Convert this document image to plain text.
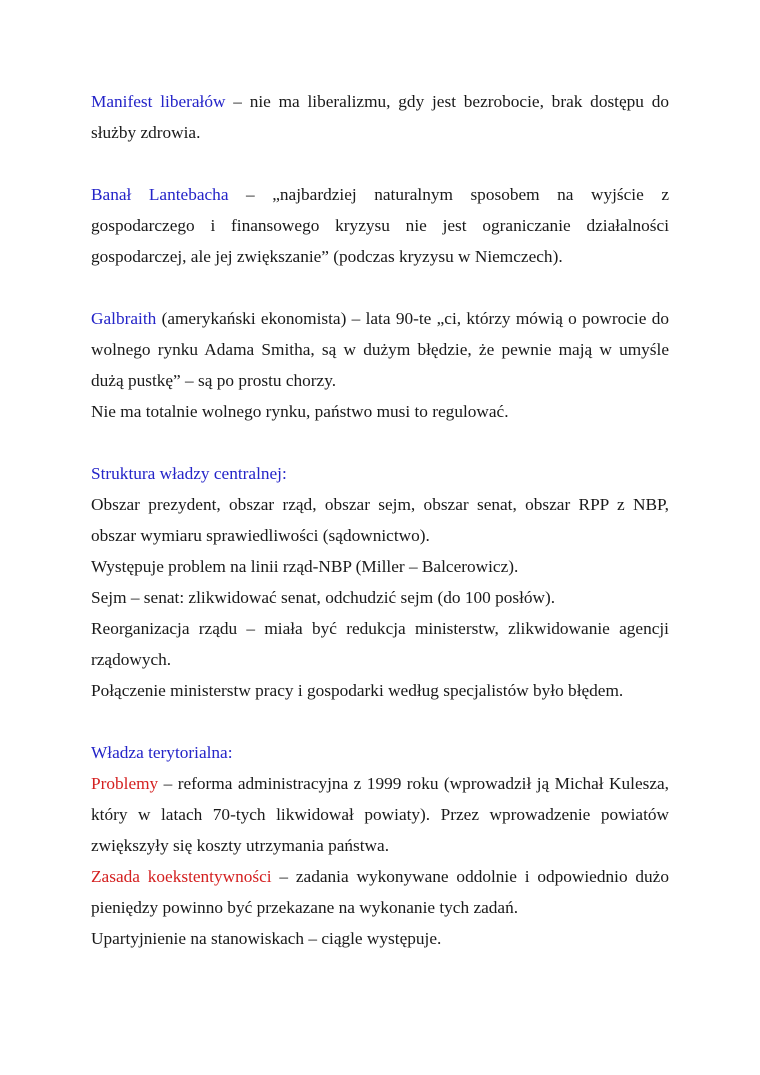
Manifest liberałów – nie ma liberalizmu, gdy jest bezrobocie, brak dostępu do służby zdrowia.

Banał Lantebacha – „najbardziej naturalnym sposobem na wyjście z gospodarczego i finansowego kryzysu nie jest ograniczanie działalności gospodarczej, ale jej zwiększanie” (podczas kryzysu w Niemczech).

Galbraith (amerykański ekonomista) – lata 90-te „ci, którzy mówią o powrocie do wolnego rynku Adama Smitha, są w dużym błędzie, że pewnie mają w umyśle dużą pustkę” – są po prostu chorzy.

Nie ma totalnie wolnego rynku, państwo musi to regulować.

Struktura władzy centralnej:

Obszar prezydent, obszar rząd, obszar sejm, obszar senat, obszar RPP z NBP, obszar wymiaru sprawiedliwości (sądownictwo).

Występuje problem na linii rząd-NBP (Miller – Balcerowicz).

Sejm – senat: zlikwidować senat, odchudzić sejm (do 100 posłów).

Reorganizacja rządu – miała być redukcja ministerstw, zlikwidowanie agencji rządowych.

Połączenie ministerstw pracy i gospodarki według specjalistów było błędem.

Władza terytorialna:

Problemy – reforma administracyjna z 1999 roku (wprowadził ją Michał Kulesza, który w latach 70-tych likwidował powiaty). Przez wprowadzenie powiatów zwiększyły się koszty utrzymania państwa.

Zasada koekstentywności – zadania wykonywane oddolnie i odpowiednio dużo pieniędzy powinno być przekazane na wykonanie tych zadań.

Upartyjnienie na stanowiskach – ciągle występuje.
